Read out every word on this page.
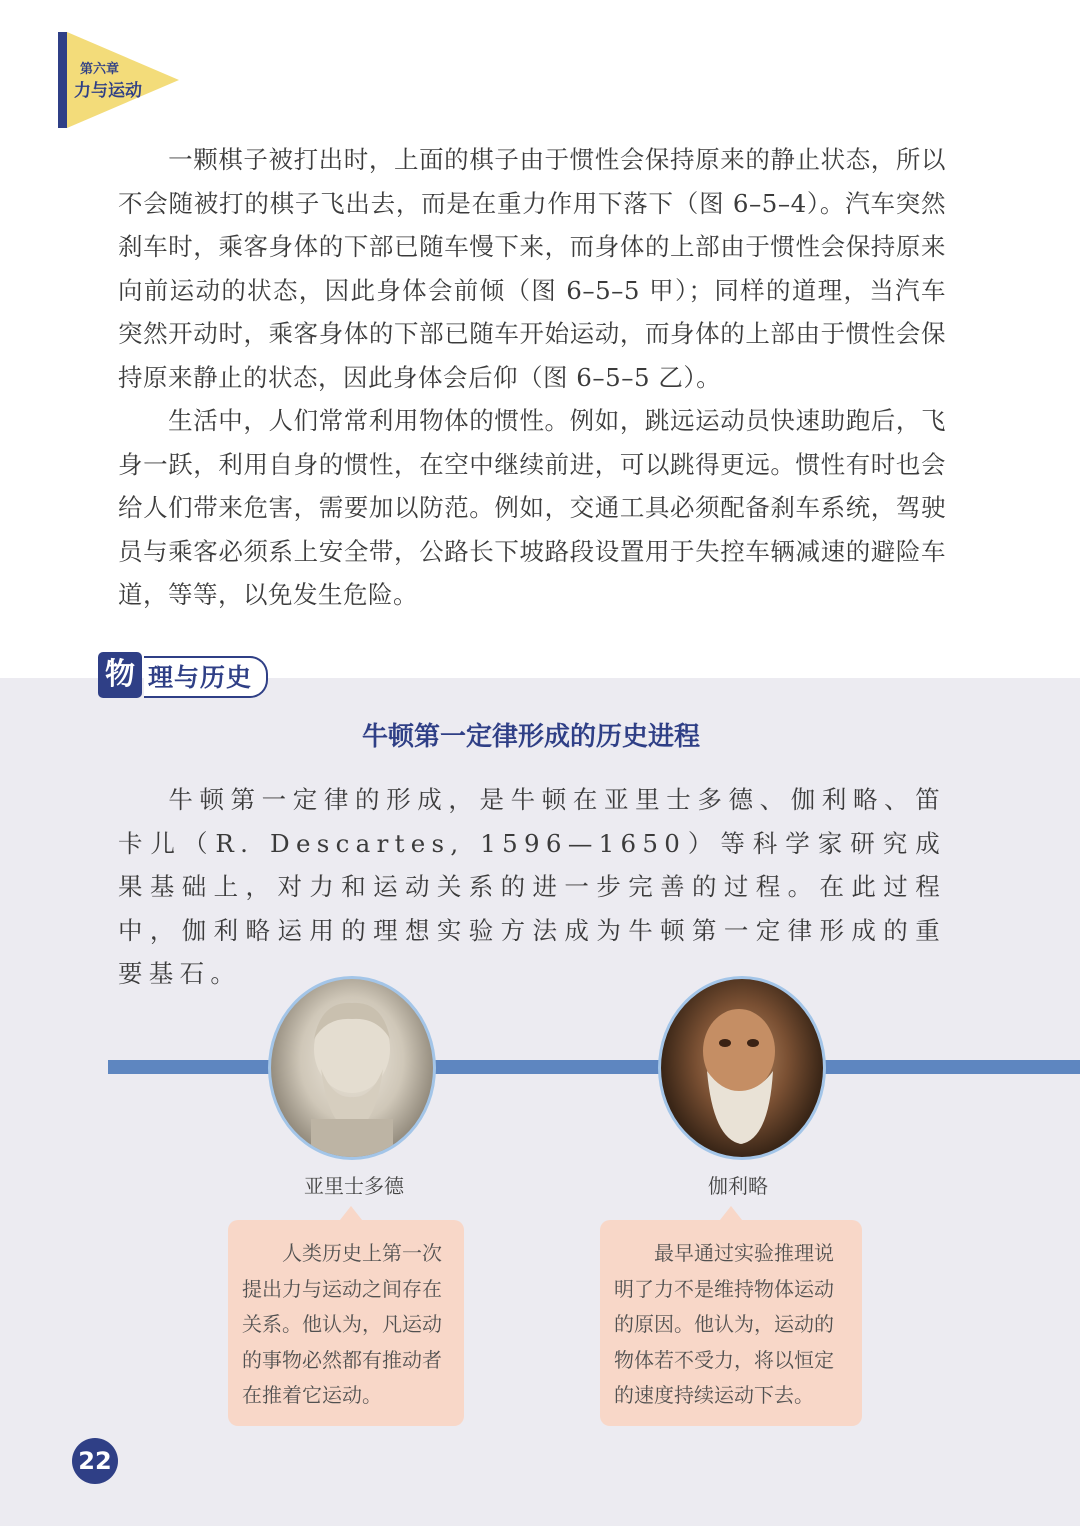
第六章
力与运动

一颗棋子被打出时，上面的棋子由于惯性会保持原来的静止状态，所以不会随被打的棋子飞出去，而是在重力作用下落下（图 6–5–4）。汽车突然刹车时，乘客身体的下部已随车慢下来，而身体的上部由于惯性会保持原来向前运动的状态，因此身体会前倾（图 6–5–5 甲）；同样的道理，当汽车突然开动时，乘客身体的下部已随车开始运动，而身体的上部由于惯性会保持原来静止的状态，因此身体会后仰（图 6–5–5 乙）。

生活中，人们常常利用物体的惯性。例如，跳远运动员快速助跑后，飞身一跃，利用自身的惯性，在空中继续前进，可以跳得更远。惯性有时也会给人们带来危害，需要加以防范。例如，交通工具必须配备刹车系统，驾驶员与乘客必须系上安全带，公路长下坡路段设置用于失控车辆减速的避险车道，等等，以免发生危险。

物 理与历史
牛顿第一定律形成的历史进程

牛顿第一定律的形成，是牛顿在亚里士多德、伽利略、笛卡儿（R. Descartes, 1596—1650）等科学家研究成果基础上，对力和运动关系的进一步完善的过程。在此过程中，伽利略运用的理想实验方法成为牛顿第一定律形成的重要基石。

亚里士多德	伽利略
人类历史上第一次提出力与运动之间存在关系。他认为，凡运动的事物必然都有推动者在推着它运动。
最早通过实验推理说明了力不是维持物体运动的原因。他认为，运动的物体若不受力，将以恒定的速度持续运动下去。
22
